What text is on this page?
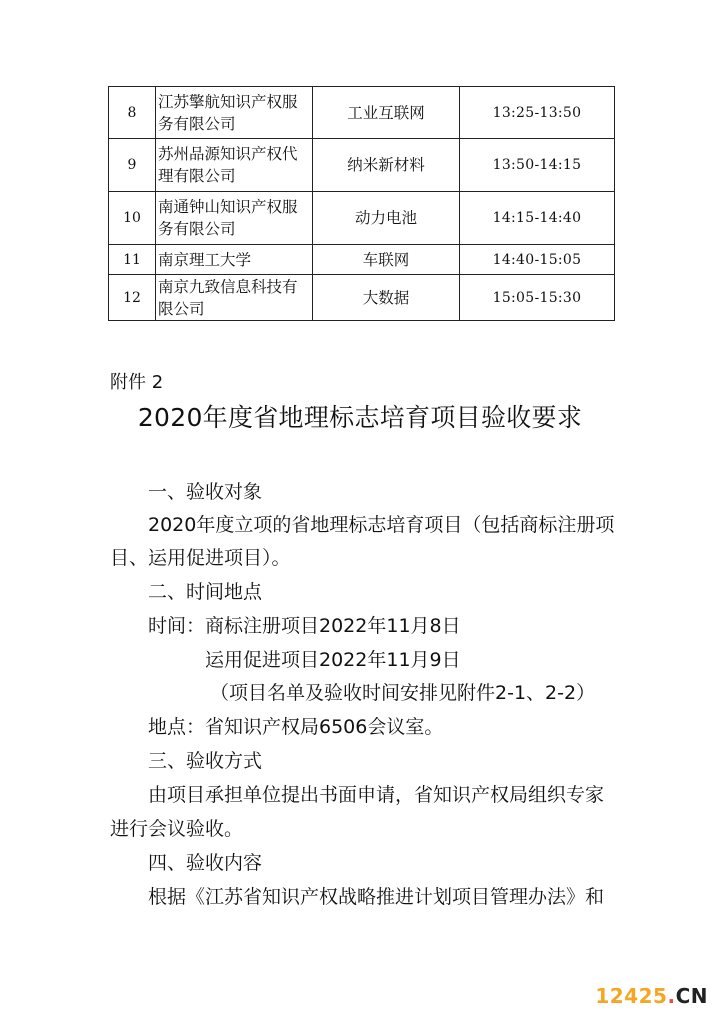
8	江苏擎航知识产权服
务有限公司	工业互联网	13:25-13:50
9	苏州品源知识产权代
理有限公司	纳米新材料	13:50-14:15
10	南通钟山知识产权服
务有限公司	动力电池	14:15-14:40
11	南京理工大学	车联网	14:40-15:05
12	南京九致信息科技有
限公司	大数据	15:05-15:30
附件 2
2020年度省地理标志培育项目验收要求
一、验收对象
2020年度立项的省地理标志培育项目（包括商标注册项
目、运用促进项目）。
二、时间地点
时间： 商标注册项目2022年11月8日
运用促进项目2022年11月9日
（项目名单及验收时间安排见附件2-1、2-2）
地点： 省知识产权局6506会议室。
三、验收方式
由项目承担单位提出书面申请，省知识产权局组织专家
进行会议验收。
四、验收内容
根据《江苏省知识产权战略推进计划项目管理办法》和
12425.CN
